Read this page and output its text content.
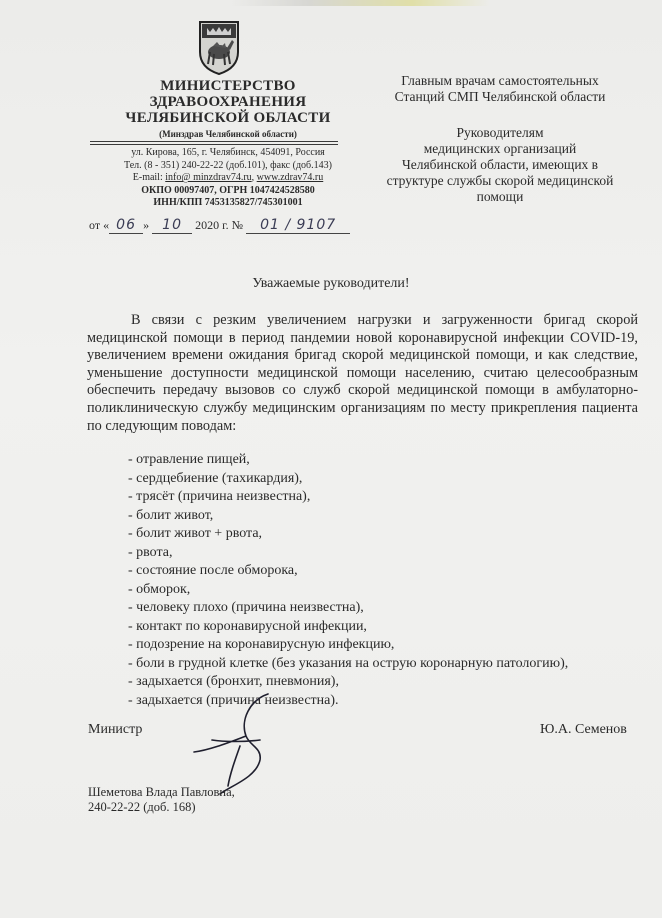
МИНИСТЕРСТВО
ЗДРАВООХРАНЕНИЯ
ЧЕЛЯБИНСКОЙ ОБЛАСТИ
(Минздрав Челябинской области)
ул. Кирова, 165, г. Челябинск, 454091, Россия
Тел. (8 - 351) 240-22-22 (доб.101), факс (доб.143)
E-mail: info@ minzdrav74.ru, www.zdrav74.ru
ОКПО 00097407, ОГРН 1047424528580
ИНН/КПП 7453135827/745301001
от « 06 » 10 2020 г. № 01 / 9107

Главным врачам самостоятельных

Станций СМП Челябинской области

Руководителям

медицинских организаций

Челябинской области, имеющих в

структуре службы скорой медицинской

помощи

Уважаемые руководители!
В связи с резким увеличением нагрузки и загруженности бригад скорой медицинской помощи в период пандемии новой коронавирусной инфекции COVID-19, увеличением времени ожидания бригад скорой медицинской помощи, и как следствие, уменьшение доступности медицинской помощи населению, считаю целесообразным обеспечить передачу вызовов со служб скорой медицинской помощи в амбулаторно-поликлиническую службу медицинским организациям по месту прикрепления пациента по следующим поводам:
- отравление пищей,
- сердцебиение (тахикардия),
- трясёт (причина неизвестна),
- болит живот,
- болит живот + рвота,
- рвота,
- состояние после обморока,
- обморок,
- человеку плохо (причина неизвестна),
- контакт по коронавирусной инфекции,
- подозрение на коронавирусную инфекцию,
- боли в грудной клетке (без указания на острую коронарную патологию),
- задыхается (бронхит, пневмония),
- задыхается (причина неизвестна).
Министр	Ю.А. Семенов
Шеметова Влада Павловна,
240-22-22 (доб. 168)
